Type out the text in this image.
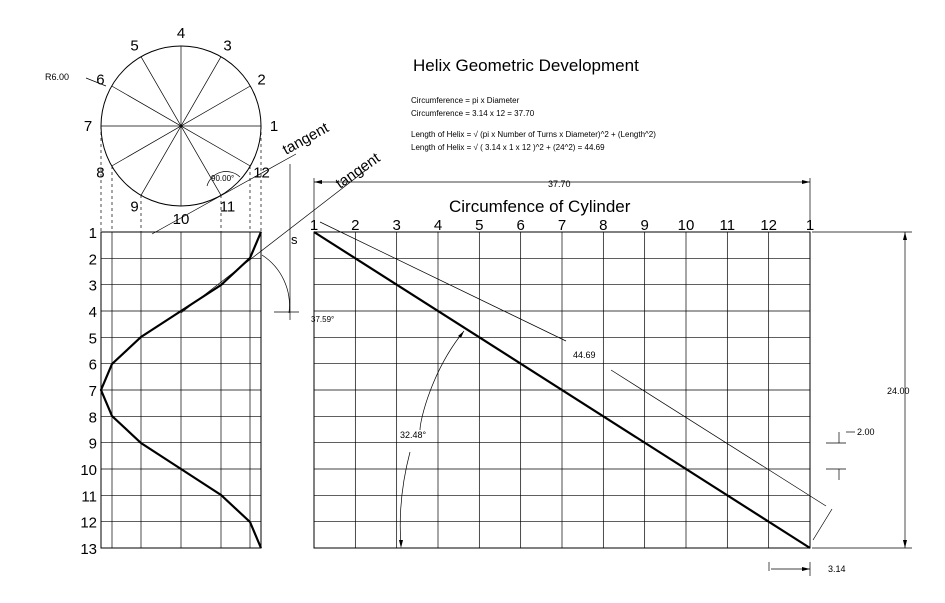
Helix Geometric Development
Circumference = pi x Diameter
Circumference = 3.14 x 12 = 37.70
Length of Helix = √ (pi x Number of Turns x Diameter)^2 + (Length^2)
Length of Helix = √ ( 3.14 x 1 x 12 )^2 + (24^2) = 44.69
1
2
3
4
5
6
7
8
9
10
11
12
R6.00
90.00°
1
2
3
4
5
6
7
8
9
10
11
12
13
tangent
tangent
s
37.59°
Circumfence of Cylinder
1 2 3 4 5 6 7 8 9 10 11 12 1
37.70
44.69
24.00
2.00
3.14
32.48°
